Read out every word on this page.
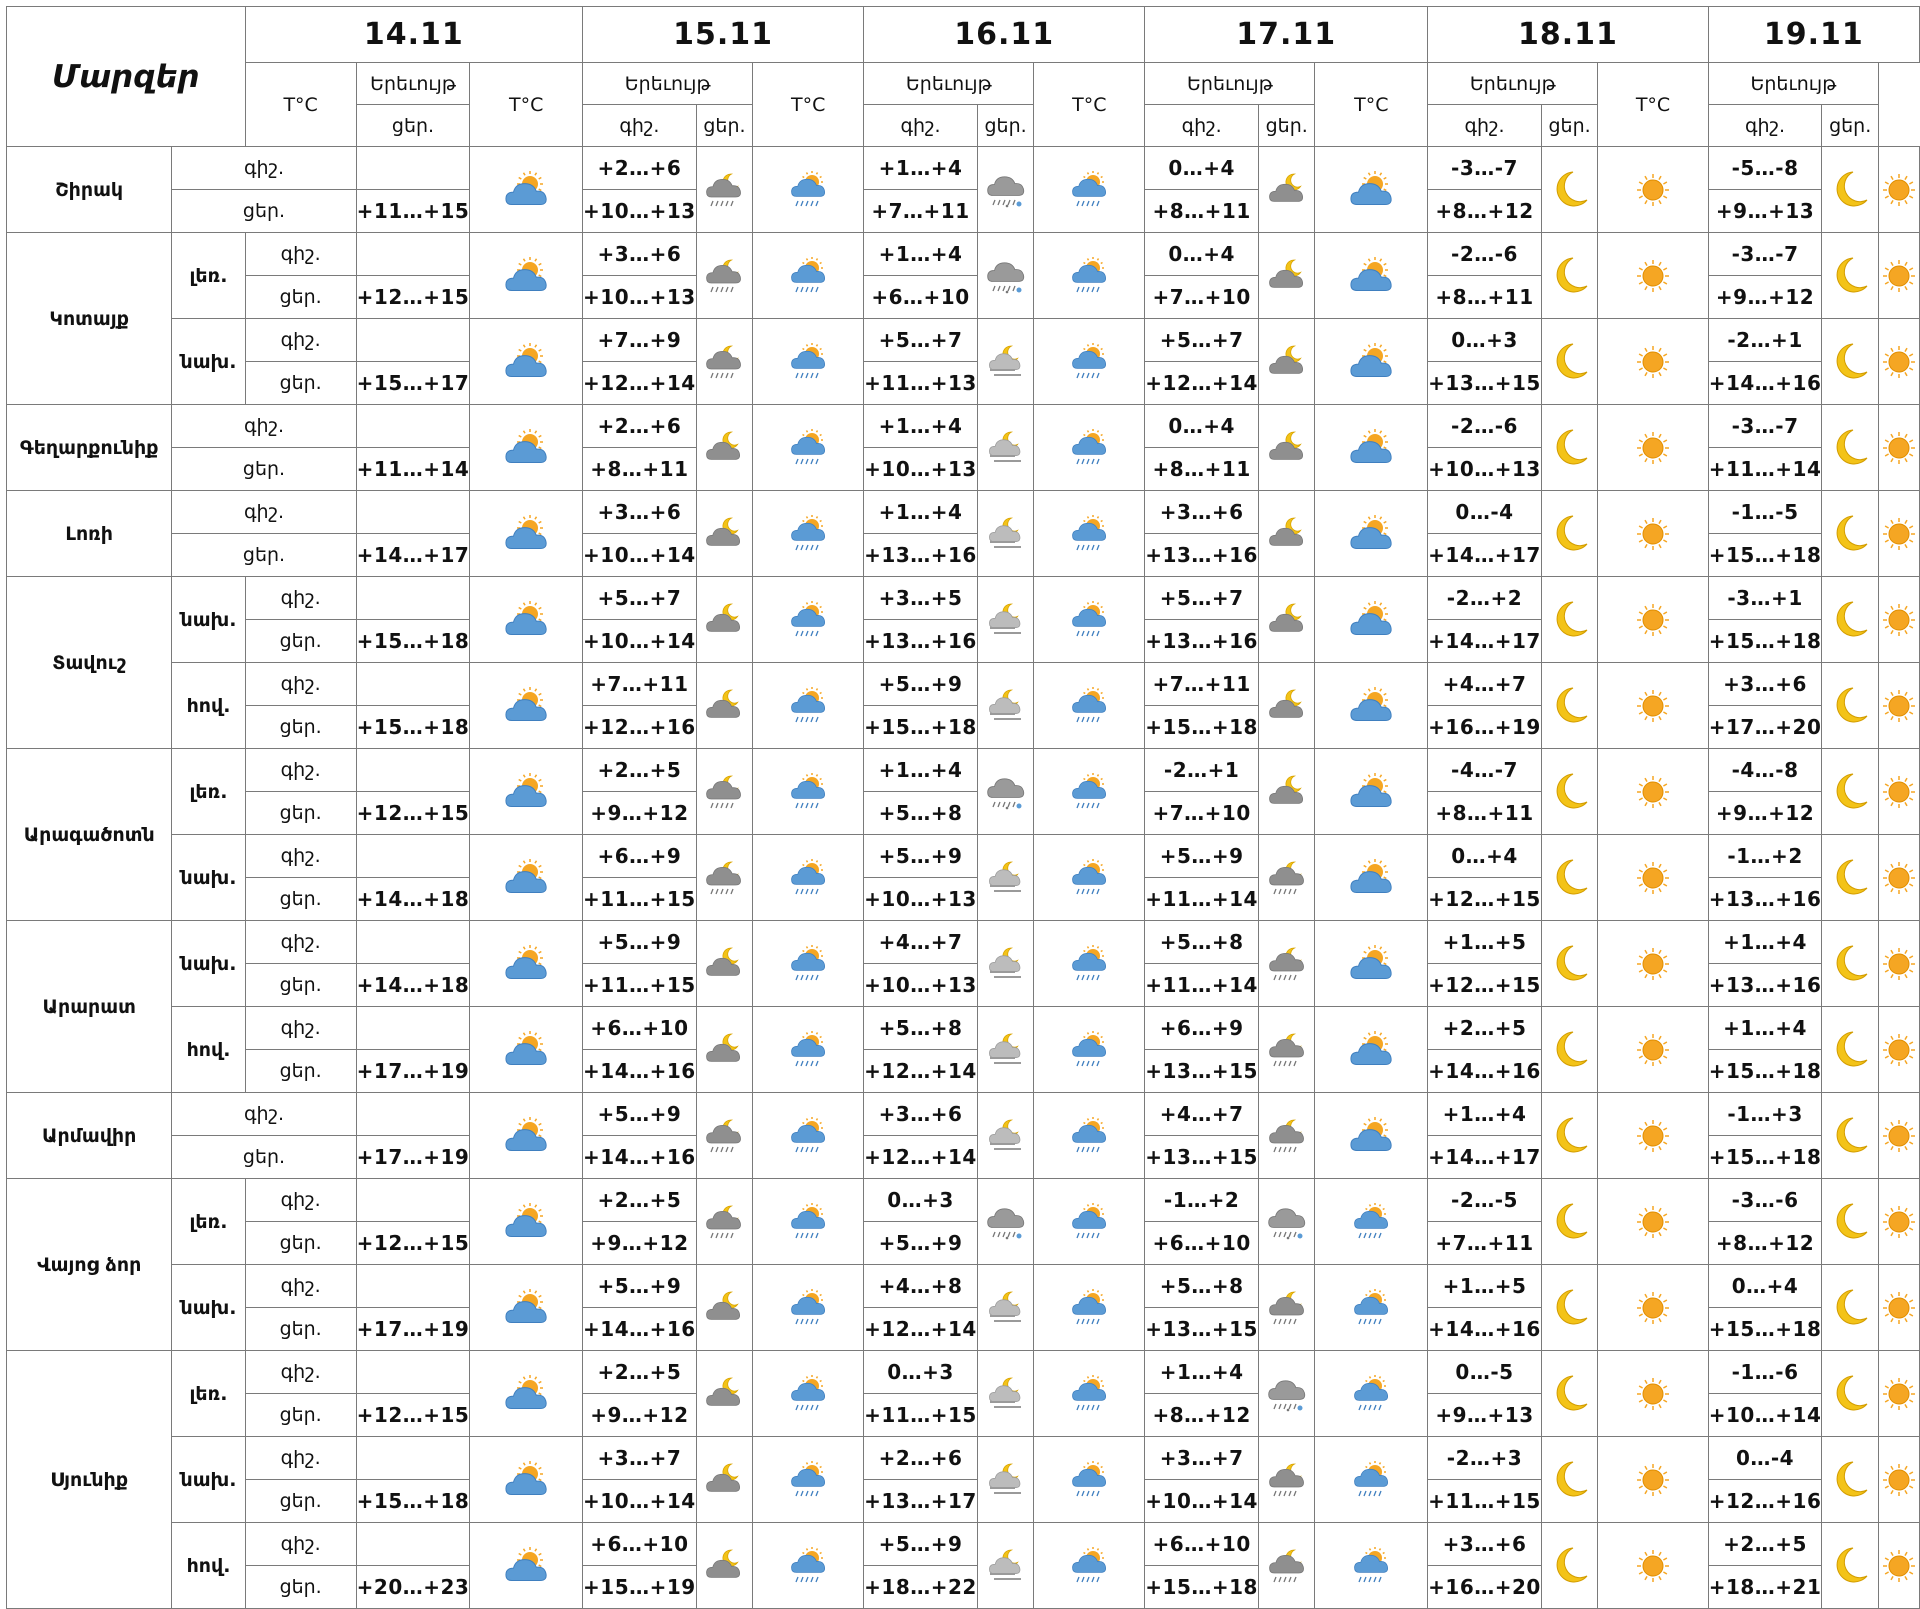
Մարզեր		14.11			15.11			16.11			17.11			18.11			19.11		
		T°C	Երեւույթ	T°C	Երեւույթ		T°C	Երեւույթ		T°C	Երեւույթ		T°C	Երեւույթ		T°C	Երեւույթ		
			ցեր.		գիշ.	ցեր.		գիշ.	ցեր.		գիշ.	ցեր.		գիշ.	ցեր.		գիշ.	ցեր.	
Շիրակ	գիշ.				+2…+6			+1…+4			0…+4			-3…-7			-5…-8	

	ցեր.		+11…+15		+10…+13			+7…+11			+8…+11			+8…+12			+9…+13		
Կոտայք	լեռ.	գիշ.			+3…+6			+1…+4			0…+4			-2…-6			-3…-7	

		ցեր.	+12…+15		+10…+13			+6…+10			+7…+10			+8…+11			+9…+12		
	նախ.	գիշ.			+7…+9			+5…+7			+5…+7			0…+3			-2…+1	

		ցեր.	+15…+17		+12…+14			+11…+13			+12…+14			+13…+15			+14…+16		
Գեղարքունիք	գիշ.				+2…+6			+1…+4			0…+4			-2…-6			-3…-7	

	ցեր.		+11…+14		+8…+11			+10…+13			+8…+11			+10…+13			+11…+14		
Լոռի	գիշ.				+3…+6			+1…+4			+3…+6			0…-4			-1…-5	

	ցեր.		+14…+17		+10…+14			+13…+16			+13…+16			+14…+17			+15…+18		
Տավուշ	նախ.	գիշ.			+5…+7			+3…+5			+5…+7			-2…+2			-3…+1	

		ցեր.	+15…+18		+10…+14			+13…+16			+13…+16			+14…+17			+15…+18		
	հով.	գիշ.			+7…+11			+5…+9			+7…+11			+4…+7			+3…+6	

		ցեր.	+15…+18		+12…+16			+15…+18			+15…+18			+16…+19			+17…+20		
Արագածոտն	լեռ.	գիշ.			+2…+5			+1…+4			-2…+1			-4…-7			-4…-8	

		ցեր.	+12…+15		+9…+12			+5…+8			+7…+10			+8…+11			+9…+12		
	նախ.	գիշ.			+6…+9			+5…+9			+5…+9			0…+4			-1…+2	

		ցեր.	+14…+18		+11…+15			+10…+13			+11…+14			+12…+15			+13…+16		
Արարատ	նախ.	գիշ.			+5…+9			+4…+7			+5…+8			+1…+5			+1…+4	

		ցեր.	+14…+18		+11…+15			+10…+13			+11…+14			+12…+15			+13…+16		
	հով.	գիշ.			+6…+10			+5…+8			+6…+9			+2…+5			+1…+4	

		ցեր.	+17…+19		+14…+16			+12…+14			+13…+15			+14…+16			+15…+18		
Արմավիր	գիշ.				+5…+9			+3…+6			+4…+7			+1…+4			-1…+3	

	ցեր.		+17…+19		+14…+16			+12…+14			+13…+15			+14…+17			+15…+18		
Վայոց ձոր	լեռ.	գիշ.			+2…+5			0…+3			-1…+2			-2…-5			-3…-6	

		ցեր.	+12…+15		+9…+12			+5…+9			+6…+10			+7…+11			+8…+12		
	նախ.	գիշ.			+5…+9			+4…+8			+5…+8			+1…+5			0…+4	

		ցեր.	+17…+19		+14…+16			+12…+14			+13…+15			+14…+16			+15…+18		
Սյունիք	լեռ.	գիշ.			+2…+5			0…+3			+1…+4			0…-5			-1…-6	

		ցեր.	+12…+15		+9…+12			+11…+15			+8…+12			+9…+13			+10…+14		
	նախ.	գիշ.			+3…+7			+2…+6			+3…+7			-2…+3			0…-4	

		ցեր.	+15…+18		+10…+14			+13…+17			+10…+14			+11…+15			+12…+16		
	հով.	գիշ.			+6…+10			+5…+9			+6…+10			+3…+6			+2…+5	

		ցեր.	+20…+23		+15…+19			+18…+22			+15…+18			+16…+20			+18…+21		
